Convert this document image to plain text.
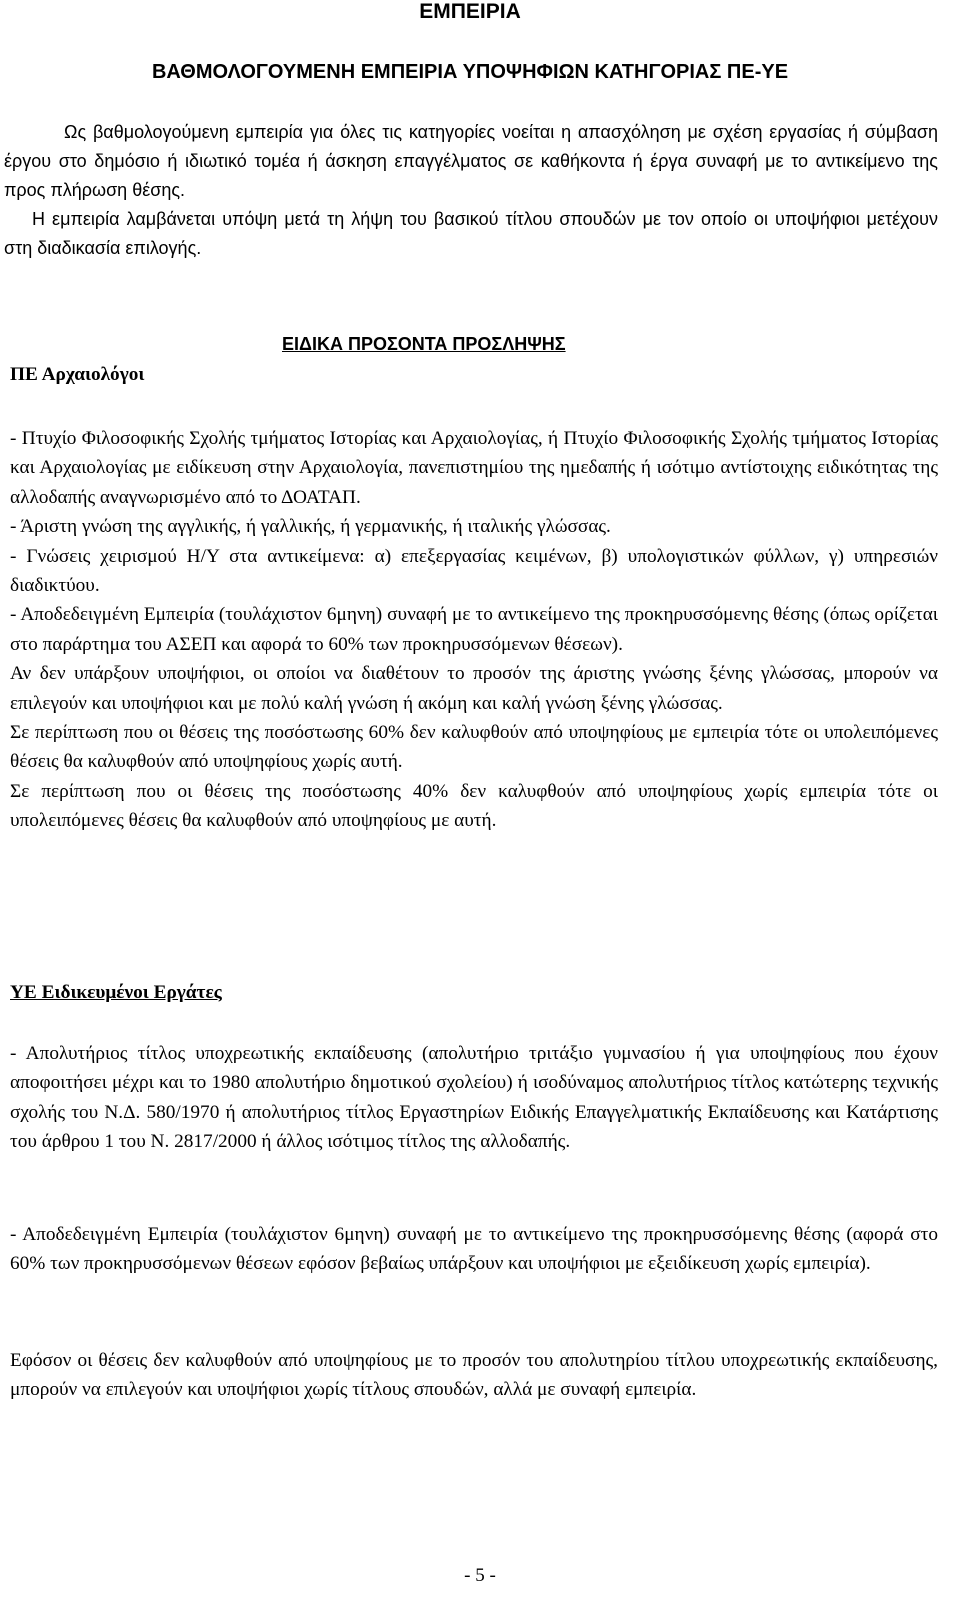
ΕΜΠΕΙΡΙΑ
ΒΑΘΜΟΛΟΓΟΥΜΕΝΗ ΕΜΠΕΙΡΙΑ ΥΠΟΨΗΦΙΩΝ ΚΑΤΗΓΟΡΙΑΣ ΠΕ-ΥΕ

Ως βαθμολογούμενη εμπειρία για όλες τις κατηγορίες νοείται η απασχόληση με σχέση εργασίας ή σύμβαση έργου στο δημόσιο ή ιδιωτικό τομέα ή άσκηση επαγγέλματος σε καθήκοντα ή έργα συναφή με το αντικείμενο της προς πλήρωση θέσης.

Η εμπειρία λαμβάνεται υπόψη μετά τη λήψη του βασικού τίτλου σπουδών με τον οποίο οι υποψήφιοι μετέχουν στη διαδικασία επιλογής.

ΠΕ Αρχαιολόγοι
ΕΙΔΙΚΑ ΠΡΟΣΟΝΤΑ ΠΡΟΣΛΗΨΗΣ
- Πτυχίο Φιλοσοφικής Σχολής τμήματος Ιστορίας και Αρχαιολογίας, ή Πτυχίο Φιλοσοφικής Σχολής τμήματος Ιστορίας και Αρχαιολογίας με ειδίκευση στην Αρχαιολογία, πανεπιστημίου της ημεδαπής ή ισότιμο αντίστοιχης ειδικότητας της αλλοδαπής αναγνωρισμένο από το ΔΟΑΤΑΠ.
- Άριστη γνώση της αγγλικής, ή γαλλικής, ή γερμανικής, ή ιταλικής γλώσσας.
- Γνώσεις χειρισμού Η/Υ στα αντικείμενα: α) επεξεργασίας κειμένων, β) υπολογιστικών φύλλων, γ) υπηρεσιών διαδικτύου.
- Αποδεδειγμένη Εμπειρία (τουλάχιστον 6μηνη) συναφή με το αντικείμενο της προκηρυσσόμενης θέσης (όπως ορίζεται στο παράρτημα του ΑΣΕΠ και αφορά το 60% των προκηρυσσόμενων θέσεων).
Αν δεν υπάρξουν υποψήφιοι, οι οποίοι να διαθέτουν το προσόν της άριστης γνώσης ξένης γλώσσας, μπορούν να επιλεγούν και υποψήφιοι και με πολύ καλή γνώση ή ακόμη και καλή γνώση ξένης γλώσσας.
Σε περίπτωση που οι θέσεις της ποσόστωσης 60% δεν καλυφθούν από υποψηφίους με εμπειρία τότε οι υπολειπόμενες θέσεις θα καλυφθούν από υποψηφίους χωρίς αυτή.
Σε περίπτωση που οι θέσεις της ποσόστωσης 40% δεν καλυφθούν από υποψηφίους χωρίς εμπειρία τότε οι υπολειπόμενες θέσεις θα καλυφθούν από υποψηφίους με αυτή.
ΥΕ Ειδικευμένοι Εργάτες

- Απολυτήριος τίτλος υποχρεωτικής εκπαίδευσης (απολυτήριο τριτάξιο γυμνασίου ή για υποψηφίους που έχουν αποφοιτήσει μέχρι και το 1980 απολυτήριο δημοτικού σχολείου) ή ισοδύναμος απολυτήριος τίτλος κατώτερης τεχνικής σχολής του Ν.Δ. 580/1970 ή απολυτήριος τίτλος Εργαστηρίων Ειδικής Επαγγελματικής Εκπαίδευσης και Κατάρτισης του άρθρου 1 του Ν. 2817/2000 ή άλλος ισότιμος τίτλος της αλλοδαπής.

- Αποδεδειγμένη Εμπειρία (τουλάχιστον 6μηνη) συναφή με το αντικείμενο της προκηρυσσόμενης θέσης (αφορά στο 60% των προκηρυσσόμενων θέσεων εφόσον βεβαίως υπάρξουν και υποψήφιοι με εξειδίκευση χωρίς εμπειρία).

Εφόσον οι θέσεις δεν καλυφθούν από υποψηφίους με το προσόν του απολυτηρίου τίτλου υποχρεωτικής εκπαίδευσης, μπορούν να επιλεγούν και υποψήφιοι χωρίς τίτλους σπουδών, αλλά με συναφή εμπειρία.

- 5 -
